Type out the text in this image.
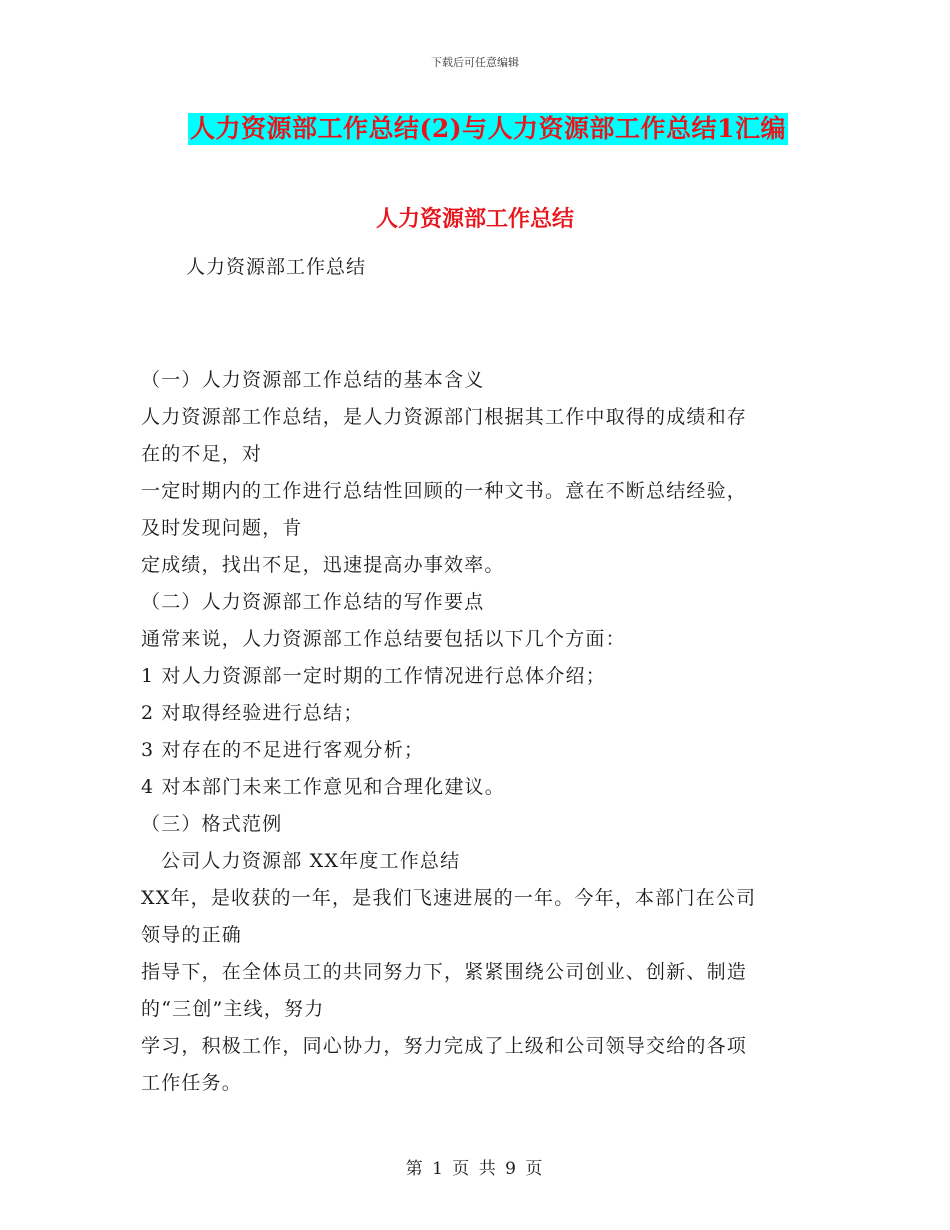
下载后可任意编辑
人力资源部工作总结(2)与人力资源部工作总结1汇编
人力资源部工作总结
人力资源部工作总结
（一）人力资源部工作总结的基本含义
人力资源部工作总结，是人力资源部门根据其工作中取得的成绩和存
在的不足，对
一定时期内的工作进行总结性回顾的一种文书。意在不断总结经验，
及时发现问题，肯
定成绩，找出不足，迅速提高办事效率。
（二）人力资源部工作总结的写作要点
通常来说，人力资源部工作总结要包括以下几个方面：
1 对人力资源部一定时期的工作情况进行总体介绍；
2 对取得经验进行总结；
3 对存在的不足进行客观分析；
4 对本部门未来工作意见和合理化建议。
（三）格式范例
公司人力资源部 XX年度工作总结
XX年，是收获的一年，是我们飞速进展的一年。今年，本部门在公司
领导的正确
指导下，在全体员工的共同努力下，紧紧围绕公司创业、创新、制造
的“三创”主线，努力
学习，积极工作，同心协力，努力完成了上级和公司领导交给的各项
工作任务。
第 1 页 共 9 页
